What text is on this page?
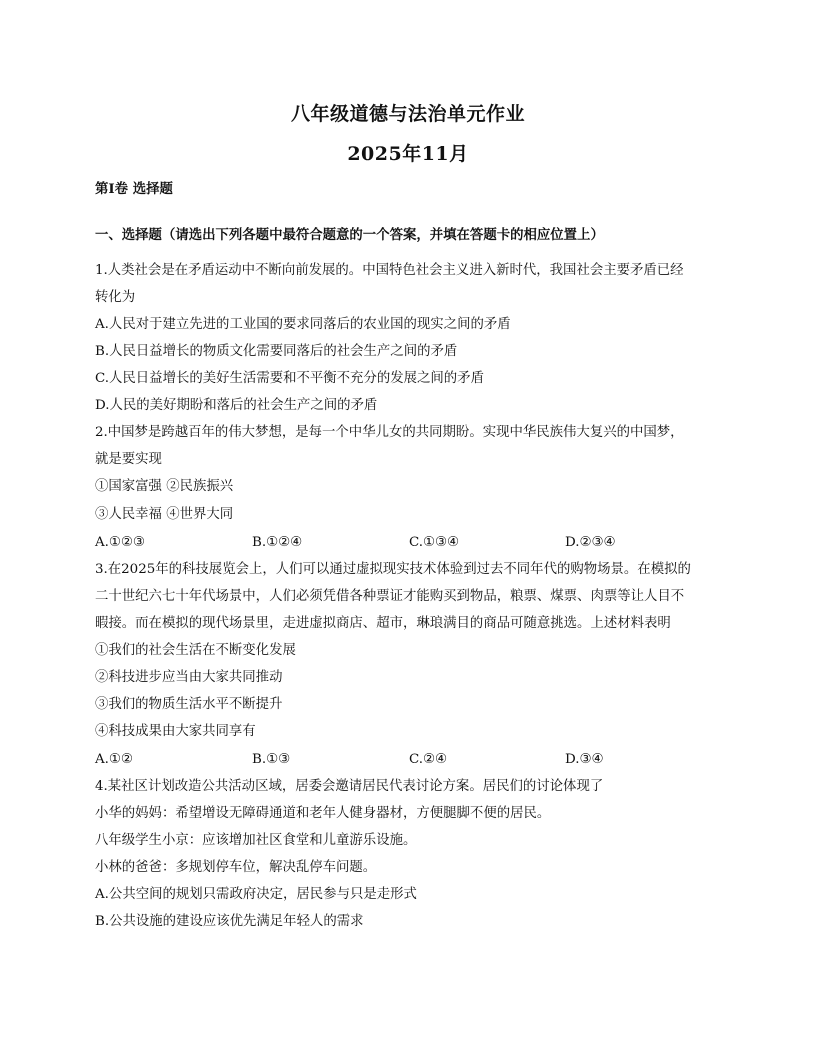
八年级道德与法治单元作业
2025年11月
第Ⅰ卷 选择题
一、选择题（请选出下列各题中最符合题意的一个答案，并填在答题卡的相应位置上）
1.人类社会是在矛盾运动中不断向前发展的。中国特色社会主义进入新时代，我国社会主要矛盾已经
转化为
A.人民对于建立先进的工业国的要求同落后的农业国的现实之间的矛盾
B.人民日益增长的物质文化需要同落后的社会生产之间的矛盾
C.人民日益增长的美好生活需要和不平衡不充分的发展之间的矛盾
D.人民的美好期盼和落后的社会生产之间的矛盾
2.中国梦是跨越百年的伟大梦想，是每一个中华儿女的共同期盼。实现中华民族伟大复兴的中国梦，
就是要实现
①国家富强 ②民族振兴
③人民幸福 ④世界大同
A.①②③	B.①②④	C.①③④	D.②③④
3.在2025年的科技展览会上，人们可以通过虚拟现实技术体验到过去不同年代的购物场景。在模拟的
二十世纪六七十年代场景中，人们必须凭借各种票证才能购买到物品，粮票、煤票、肉票等让人目不
暇接。而在模拟的现代场景里，走进虚拟商店、超市，琳琅满目的商品可随意挑选。上述材料表明
①我们的社会生活在不断变化发展
②科技进步应当由大家共同推动
③我们的物质生活水平不断提升
④科技成果由大家共同享有
A.①②	B.①③	C.②④	D.③④
4.某社区计划改造公共活动区域，居委会邀请居民代表讨论方案。居民们的讨论体现了
小华的妈妈：希望增设无障碍通道和老年人健身器材，方便腿脚不便的居民。
八年级学生小京：应该增加社区食堂和儿童游乐设施。
小林的爸爸：多规划停车位，解决乱停车问题。
A.公共空间的规划只需政府决定，居民参与只是走形式
B.公共设施的建设应该优先满足年轻人的需求
